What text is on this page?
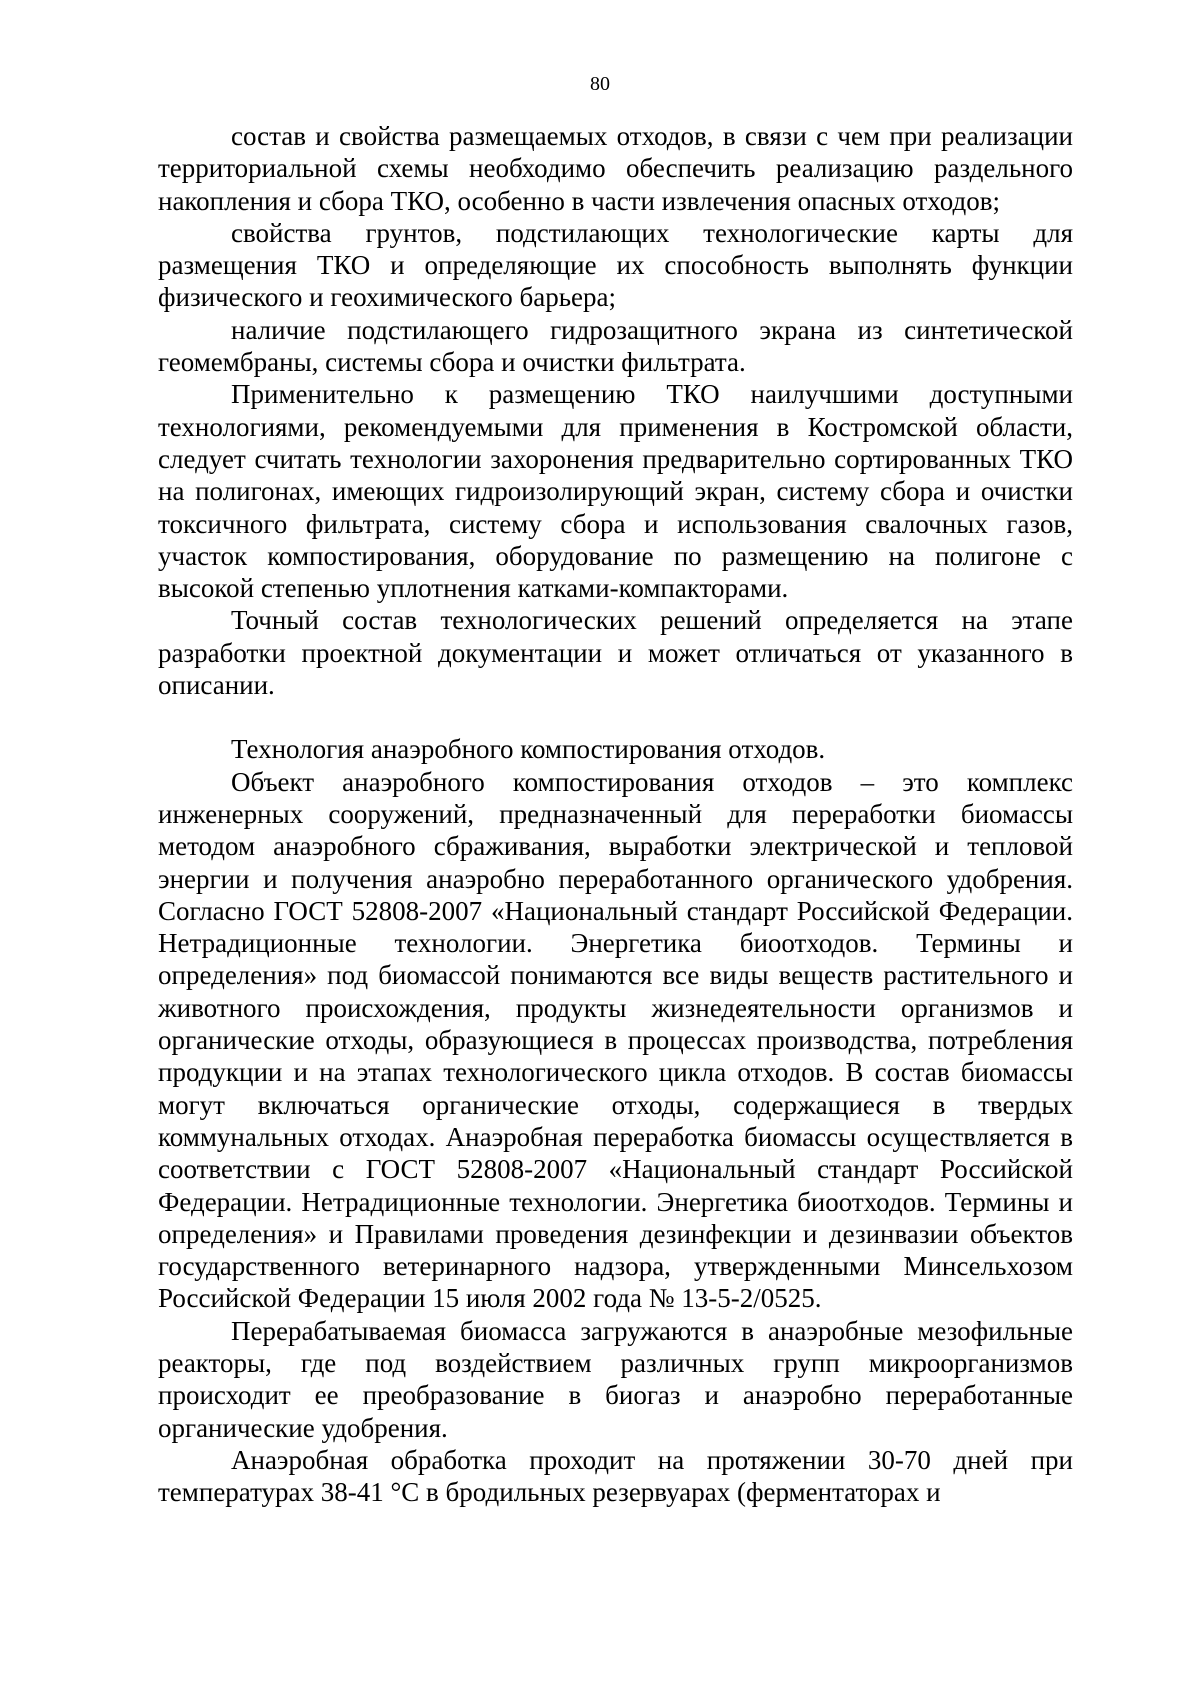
80

состав и свойства размещаемых отходов, в связи с чем при реализации территориальной схемы необходимо обеспечить реализацию раздельного накопления и сбора ТКО, особенно в части извлечения опасных отходов;

свойства грунтов, подстилающих технологические карты для размещения ТКО и определяющие их способность выполнять функции физического и геохимического барьера;

наличие подстилающего гидрозащитного экрана из синтетической геомембраны, системы сбора и очистки фильтрата.

Применительно к размещению ТКО наилучшими доступными технологиями, рекомендуемыми для применения в Костромской области, следует считать технологии захоронения предварительно сортированных ТКО на полигонах, имеющих гидроизолирующий экран, систему сбора и очистки токсичного фильтрата, систему сбора и использования свалочных газов, участок компостирования, оборудование по размещению на полигоне с высокой степенью уплотнения катками-компакторами.

Точный состав технологических решений определяется на этапе разработки проектной документации и может отличаться от указанного в описании.

Технология анаэробного компостирования отходов.

Объект анаэробного компостирования отходов – это комплекс инженерных сооружений, предназначенный для переработки биомассы методом анаэробного сбраживания, выработки электрической и тепловой энергии и получения анаэробно переработанного органического удобрения. Согласно ГОСТ 52808-2007 «Национальный стандарт Российской Федерации. Нетрадиционные технологии. Энергетика биоотходов. Термины и определения» под биомассой понимаются все виды веществ растительного и животного происхождения, продукты жизнедеятельности организмов и органические отходы, образующиеся в процессах производства, потребления продукции и на этапах технологического цикла отходов. В состав биомассы могут включаться органические отходы, содержащиеся в твердых коммунальных отходах. Анаэробная переработка биомассы осуществляется в соответствии с ГОСТ 52808-2007 «Национальный стандарт Российской Федерации. Нетрадиционные технологии. Энергетика биоотходов. Термины и определения» и Правилами проведения дезинфекции и дезинвазии объектов государственного ветеринарного надзора, утвержденными Минсельхозом Российской Федерации 15 июля 2002 года № 13-5-2/0525.

Перерабатываемая биомасса загружаются в анаэробные мезофильные реакторы, где под воздействием различных групп микроорганизмов происходит ее преобразование в биогаз и анаэробно переработанные органические удобрения.

Анаэробная обработка проходит на протяжении 30-70 дней при температурах 38-41 °С в бродильных резервуарах (ферментаторах и
